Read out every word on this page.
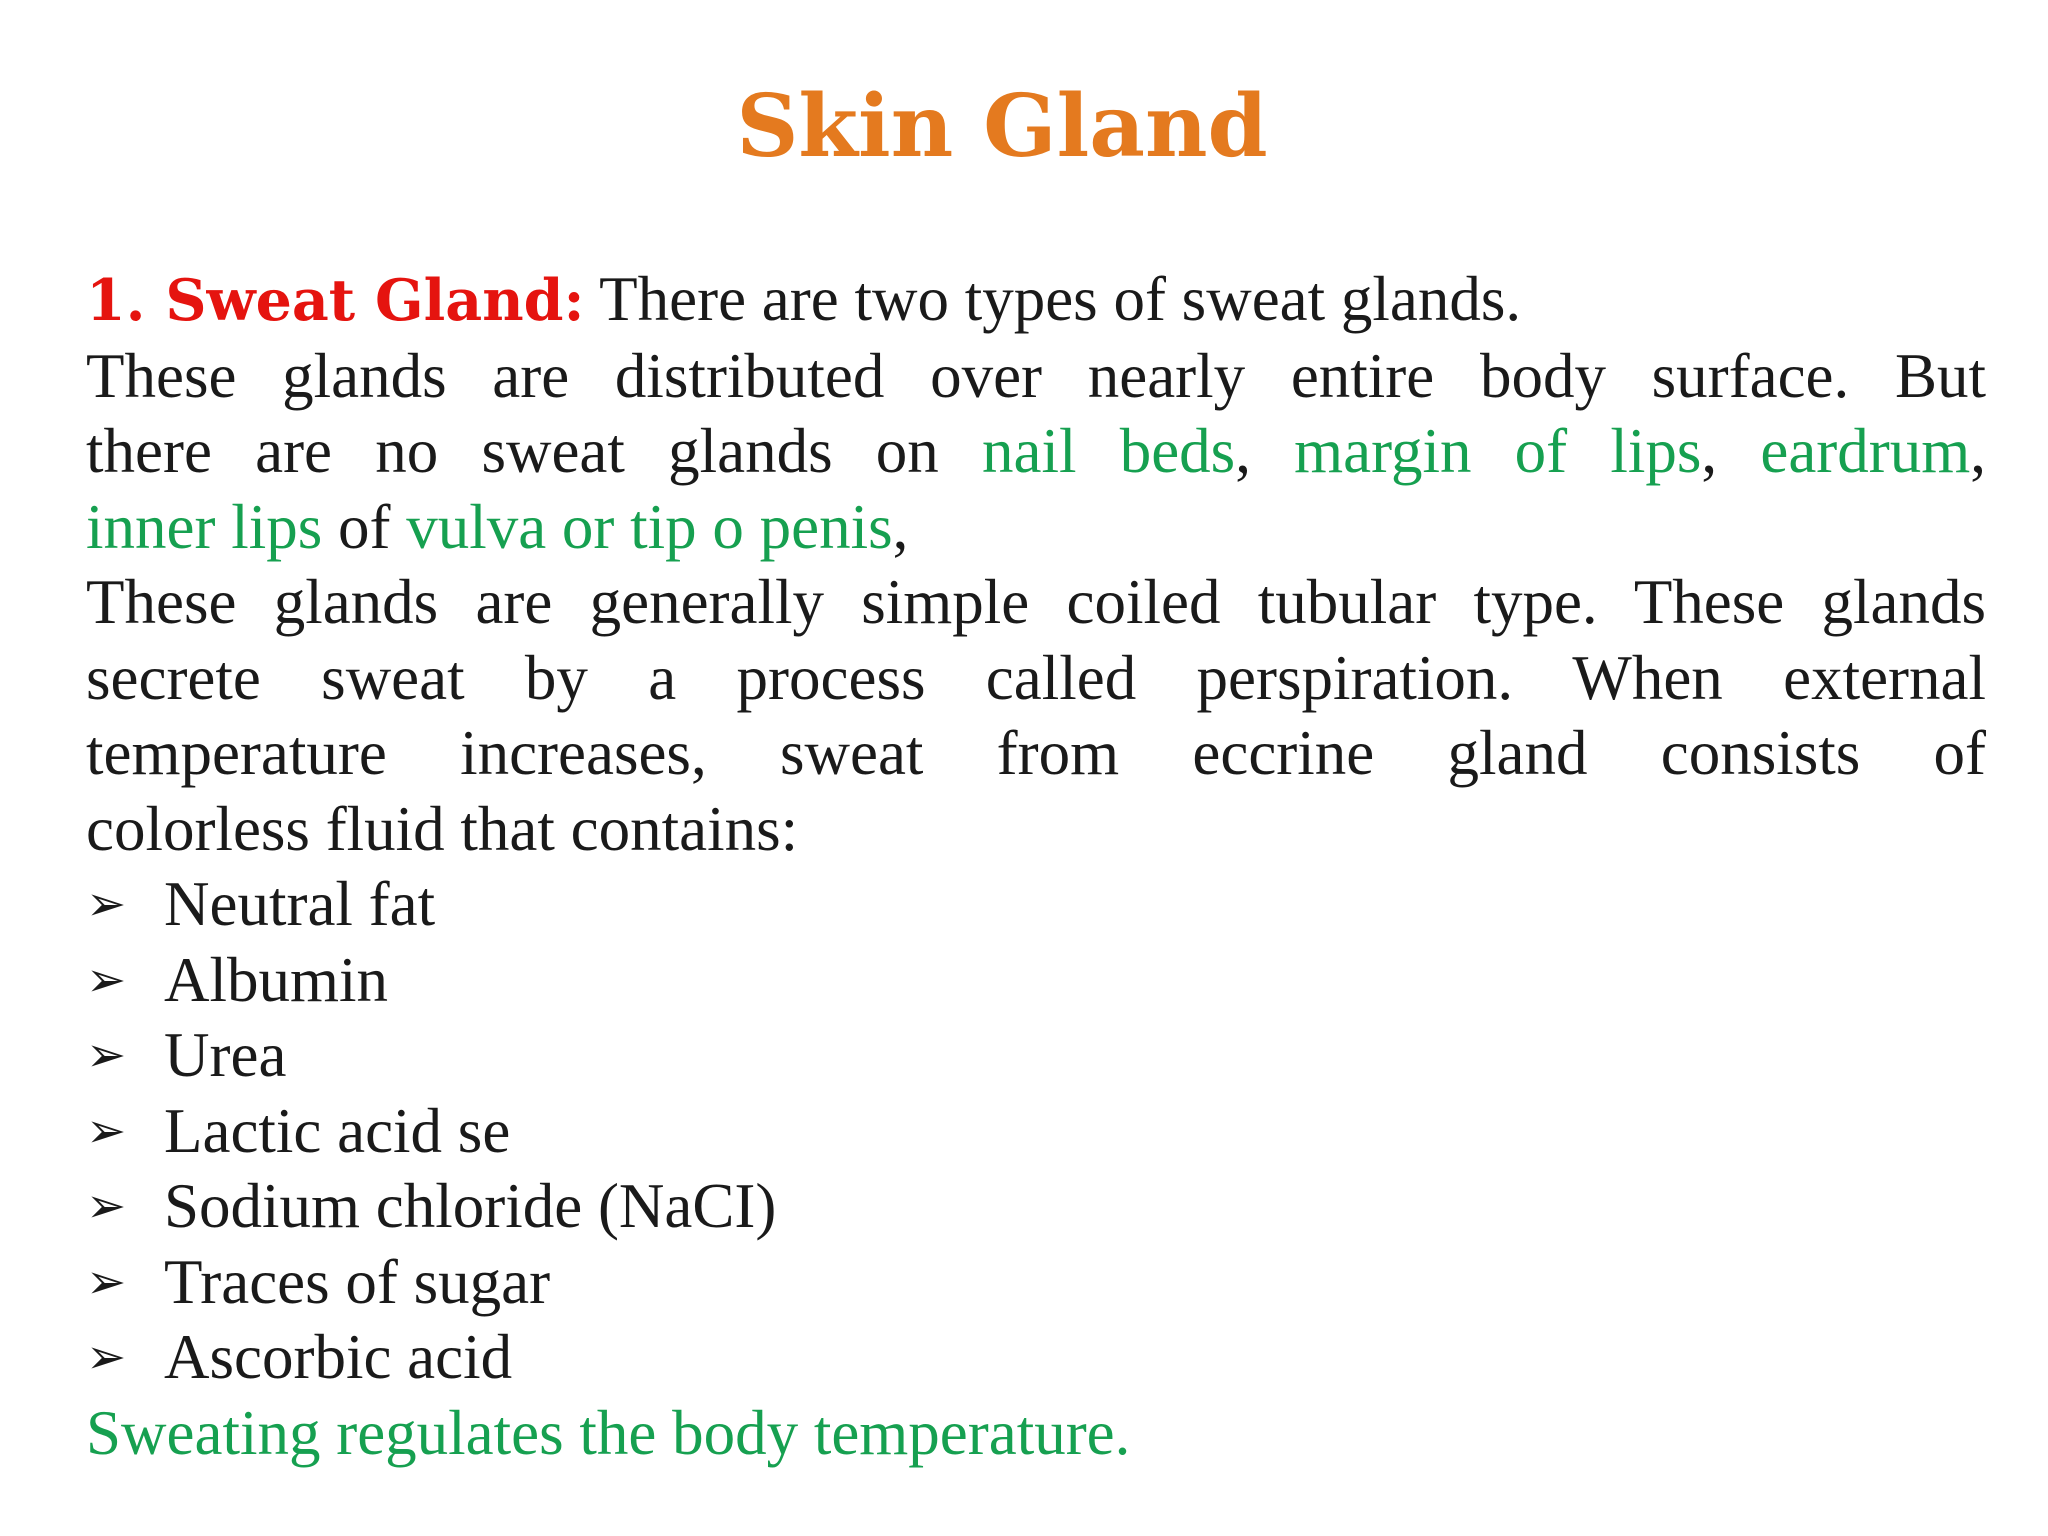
Skin Gland
1. Sweat Gland: There are two types of sweat glands.
These glands are distributed over nearly entire body surface. But
there are no sweat glands on nail beds, margin of lips, eardrum,
inner lips of vulva or tip o penis,
These glands are generally simple coiled tubular type. These glands
secrete sweat by a process called perspiration. When external
temperature increases, sweat from eccrine gland consists of
colorless fluid that contains:
➢ Neutral fat
➢ Albumin
➢ Urea
➢ Lactic acid se
➢ Sodium chloride (NaCI)
➢ Traces of sugar
➢ Ascorbic acid
Sweating regulates the body temperature.
